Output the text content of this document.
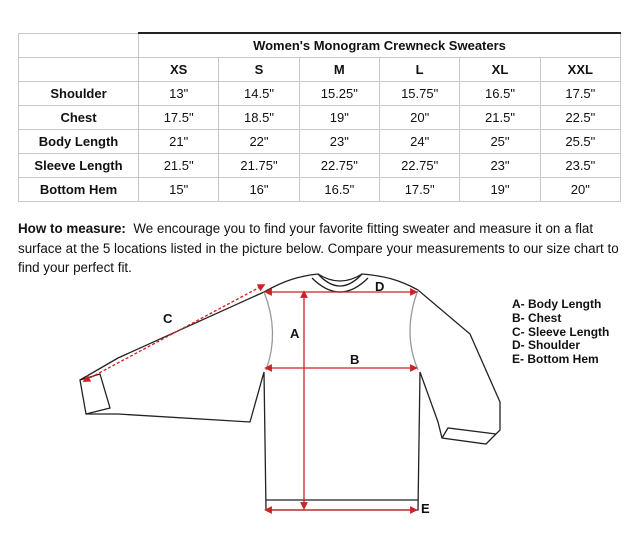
	Women's Monogram Crewneck Sweaters					
	XS	S	M	L	XL	XXL
Shoulder	13"	14.5"	15.25"	15.75"	16.5"	17.5"
Chest	17.5"	18.5"	19"	20"	21.5"	22.5"
Body Length	21"	22"	23"	24"	25"	25.5"
Sleeve Length	21.5"	21.75"	22.75"	22.75"	23"	23.5"
Bottom Hem	15"	16"	16.5"	17.5"	19"	20"
How to measure: We encourage you to find your favorite fitting sweater and measure it on a flat surface at the 5 locations listed in the picture below. Compare your measurements to our size chart to find your perfect fit.
A
B
C
D
E
A- Body Length
B- Chest
C- Sleeve Length
D- Shoulder
E- Bottom Hem
